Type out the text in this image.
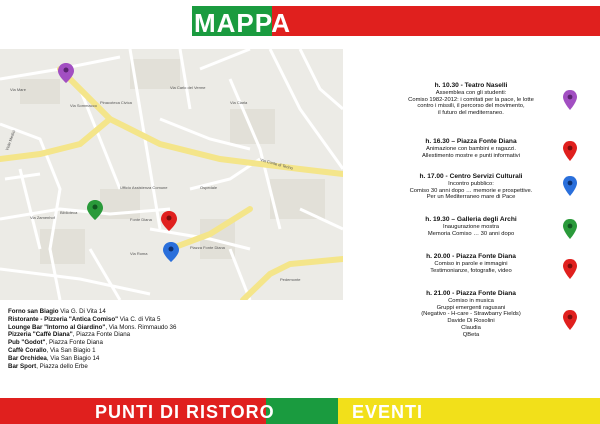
MAPPA
Via Mare
Via Sommacco
Viale Medici
Via Carlo del Verme
Via Ciarla
Piazza Fonte Diana
Via Zamenhof
Via Roma
Via Conte di Terino
Pedemonte
Ufficio Assistenza Comune
Pinacoteca Civica
Ospedale
Fonte Diana
Biblioteca
Forno san Biagio Via G. Di Vita 14
Ristorante - Pizzeria "Antica Comiso" Via C. di Vita 5
Lounge Bar "Intorno al Giardino", Via Mons. Rimmaudo 36
Pizzeria "Caffè Diana", Piazza Fonte Diana
Pub "Godot", Piazza Fonte Diana
Caffè Corallo, Via San Biagio 1
Bar Orchidea, Via San Biagio 14
Bar Sport, Piazza dello Erbe
h. 10.30 - Teatro Naselli
Assemblea con gli studenti:
Comiso 1982-2012: i comitati per la pace, le lotte
contro i missili, il percorso del movimento,
il futuro del mediterraneo.
h. 16.30 – Piazza Fonte Diana
Animazione con bambini e ragazzi.
Allestimento mostre e punti informativi
h. 17.00 - Centro Servizi Culturali
Incontro pubblico:
Comiso 30 anni dopo … memorie e prospettive.
Per un Mediterraneo mare di Pace
h. 19.30 – Galleria degli Archi
Inaugurazione mostra
Memoria Comiso … 30 anni dopo
h. 20.00 - Piazza Fonte Diana
Comiso in parole e immagini
Testimonianze, fotografie, video
h. 21.00 - Piazza Fonte Diana
Comiso in musica
Gruppi emergenti ragusani
(Negativo - H-care - Strawbarry Fields)
Davide Di Rosolini
Claudia
QBeta
PUNTI DI RISTORO	EVENTI
